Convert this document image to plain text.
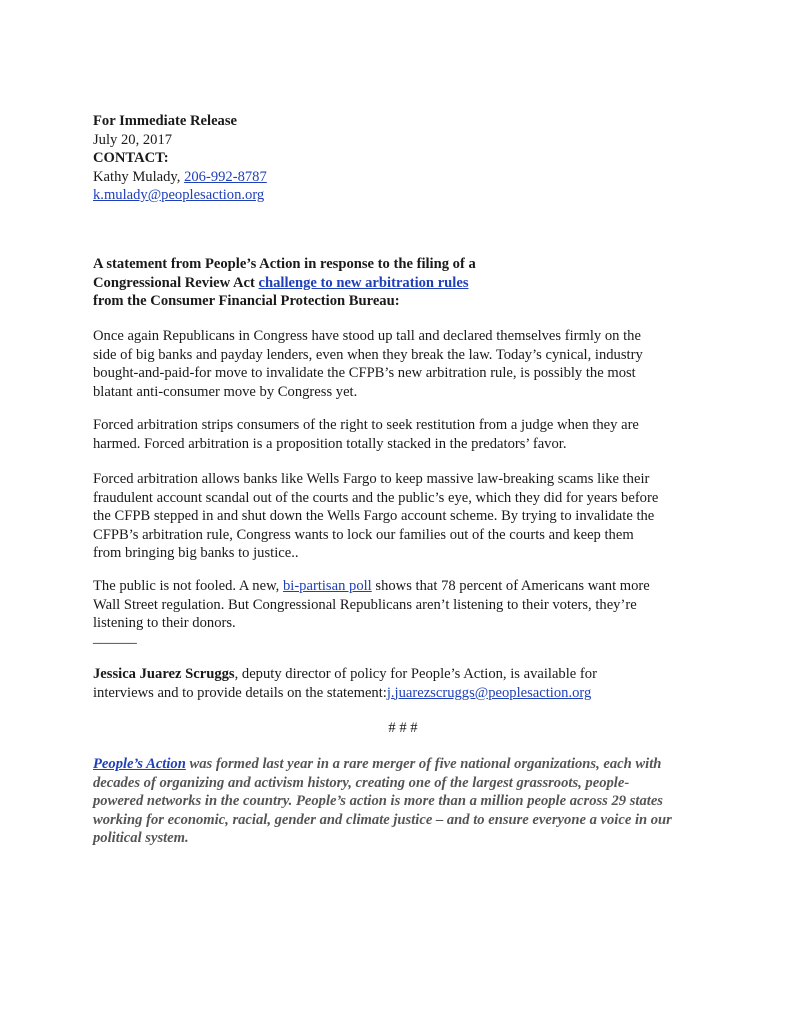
For Immediate Release
July 20, 2017
CONTACT:
Kathy Mulady, 206-992-8787
k.mulady@peoplesaction.org
A statement from People’s Action in response to the filing of a
Congressional Review Act challenge to new arbitration rules
from the Consumer Financial Protection Bureau:
Once again Republicans in Congress have stood up tall and declared themselves firmly on the
side of big banks and payday lenders, even when they break the law. Today’s cynical, industry
bought-and-paid-for move to invalidate the CFPB’s new arbitration rule, is possibly the most
blatant anti-consumer move by Congress yet.
Forced arbitration strips consumers of the right to seek restitution from a judge when they are
harmed. Forced arbitration is a proposition totally stacked in the predators’ favor.
Forced arbitration allows banks like Wells Fargo to keep massive law-breaking scams like their
fraudulent account scandal out of the courts and the public’s eye, which they did for years before
the CFPB stepped in and shut down the Wells Fargo account scheme. By trying to invalidate the
CFPB’s arbitration rule, Congress wants to lock our families out of the courts and keep them
from bringing big banks to justice..
The public is not fooled. A new, bi-partisan poll shows that 78 percent of Americans want more
Wall Street regulation. But Congressional Republicans aren’t listening to their voters, they’re
listening to their donors.
______
Jessica Juarez Scruggs, deputy director of policy for People’s Action, is available for
interviews and to provide details on the statement:j.juarezscruggs@peoplesaction.org
# # #
People’s Action was formed last year in a rare merger of five national organizations, each with
decades of organizing and activism history, creating one of the largest grassroots, people-
powered networks in the country. People’s action is more than a million people across 29 states
working for economic, racial, gender and climate justice – and to ensure everyone a voice in our
political system.
